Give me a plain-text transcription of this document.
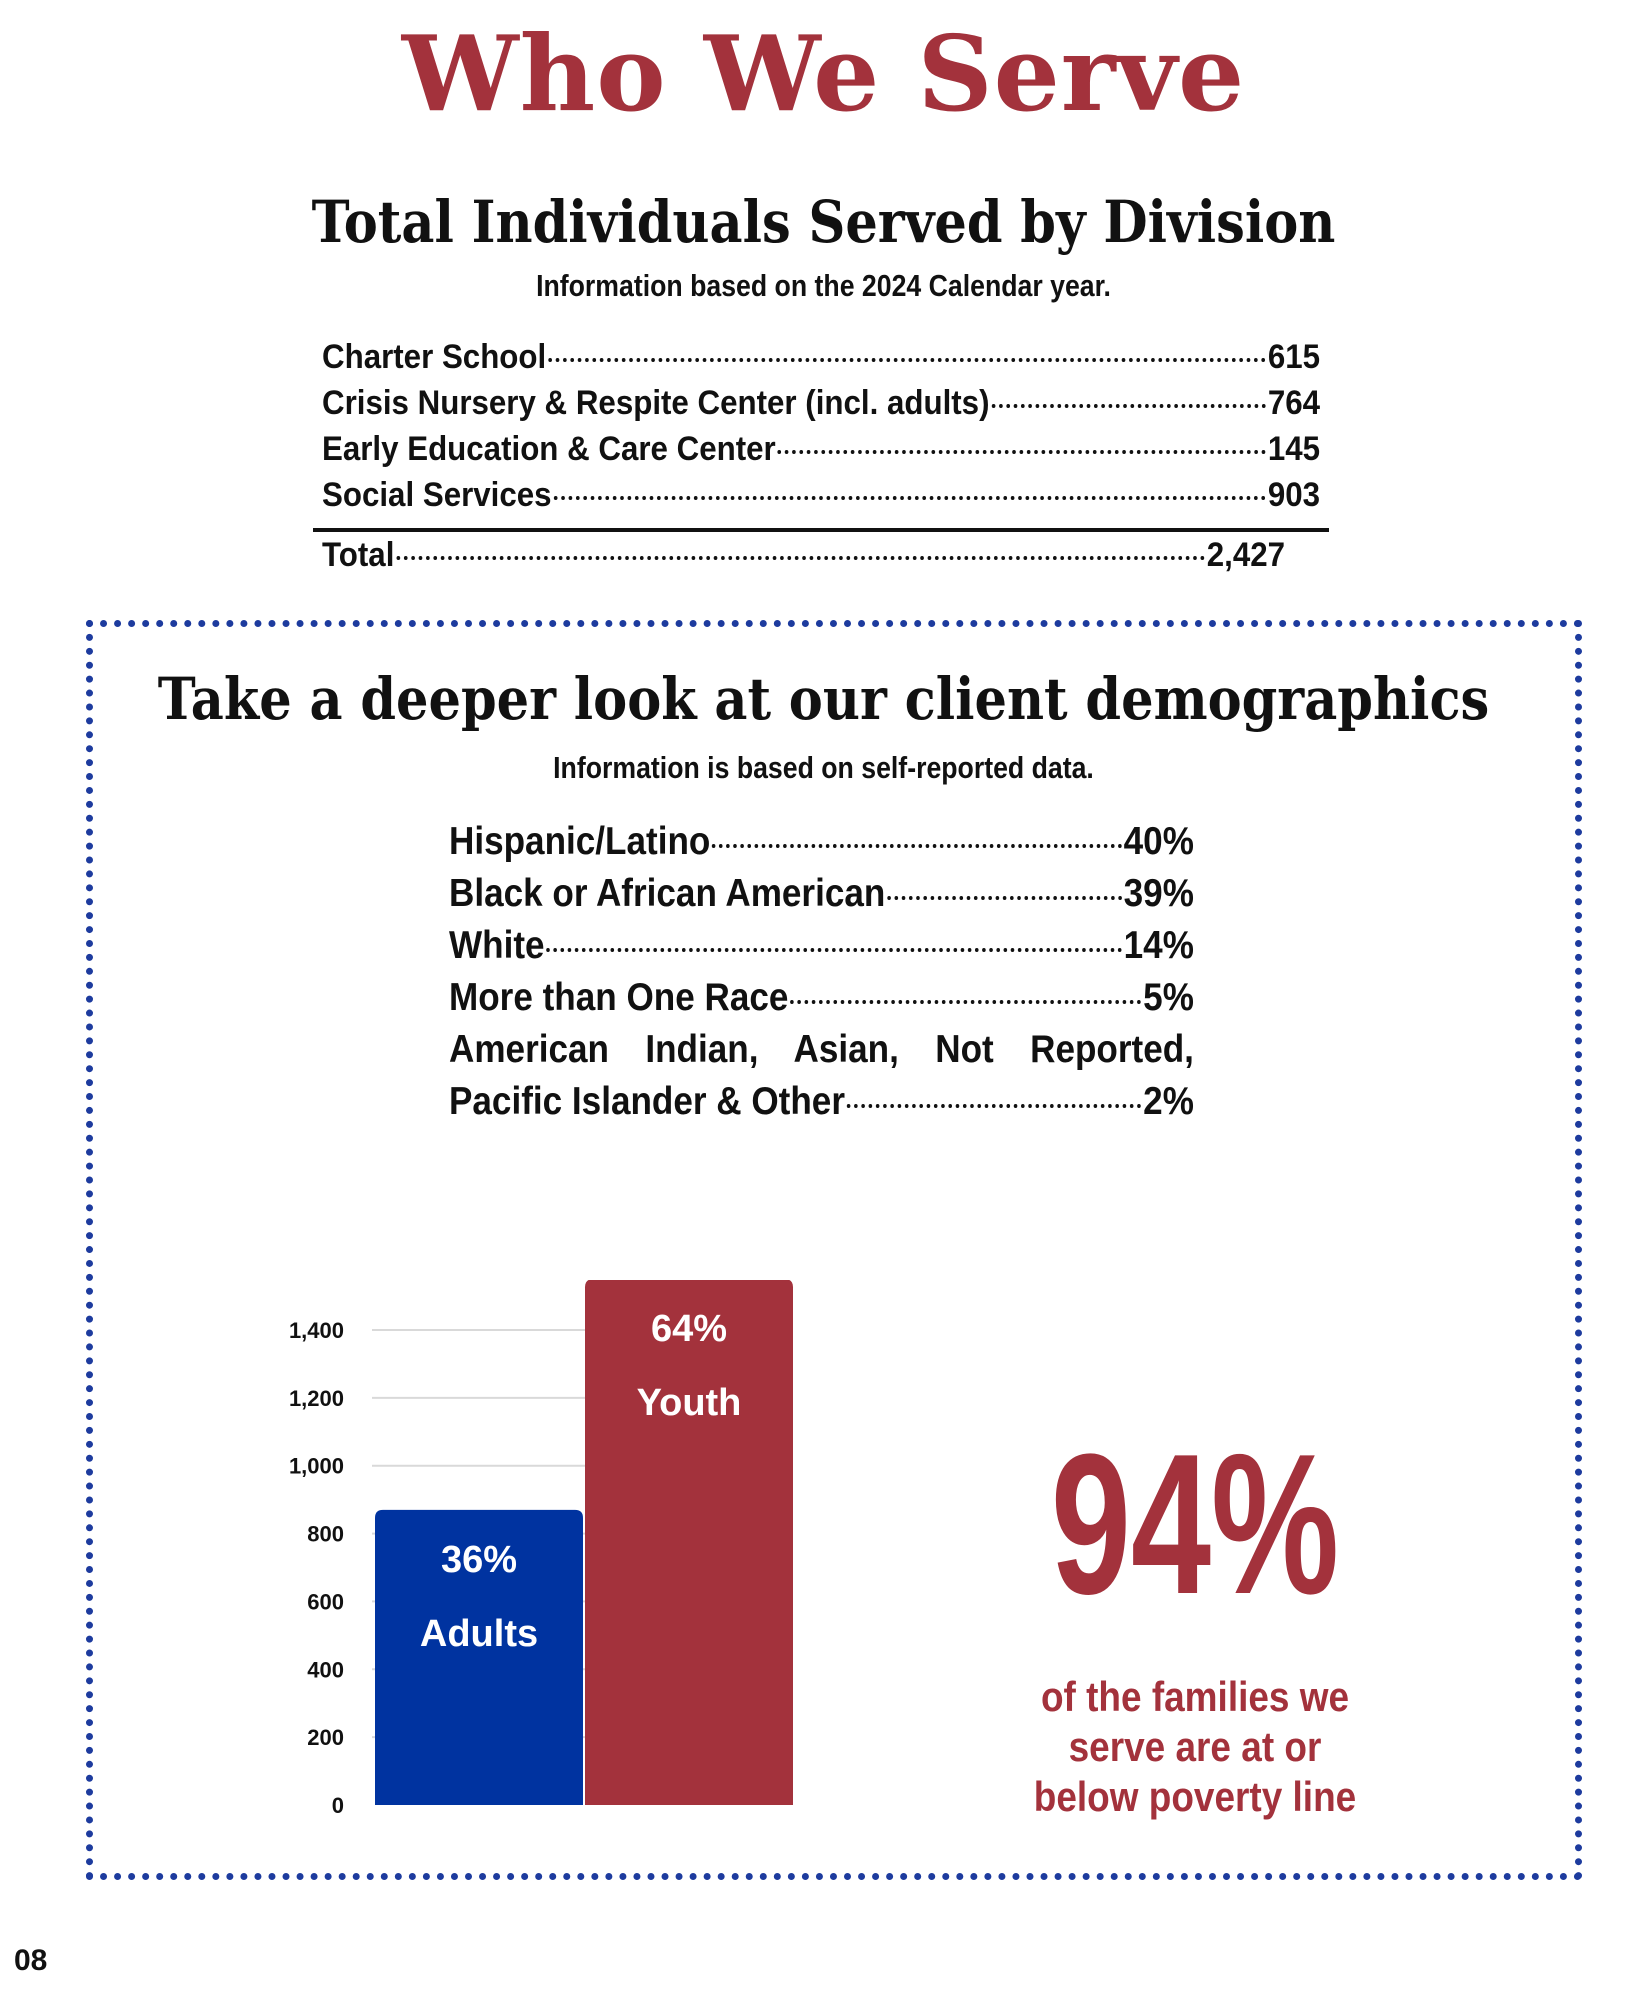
Who We Serve
Total Individuals Served by Division
Information based on the 2024 Calendar year.
Charter School	615
Crisis Nursery & Respite Center (incl. adults)	764
Early Education & Care Center	145
Social Services	903
Total	2,427
Take a deeper look at our client demographics
Information is based on self-reported data.
Hispanic/Latino	40%
Black or African American	39%
White	14%
More than One Race	5%
American Indian, Asian, Not Reported,
Pacific Islander & Other	2%
0
200
400
600
800
1,000
1,200
1,400
36%
Adults
64%
Youth
94%
of the families we
serve are at or
below poverty line
08
